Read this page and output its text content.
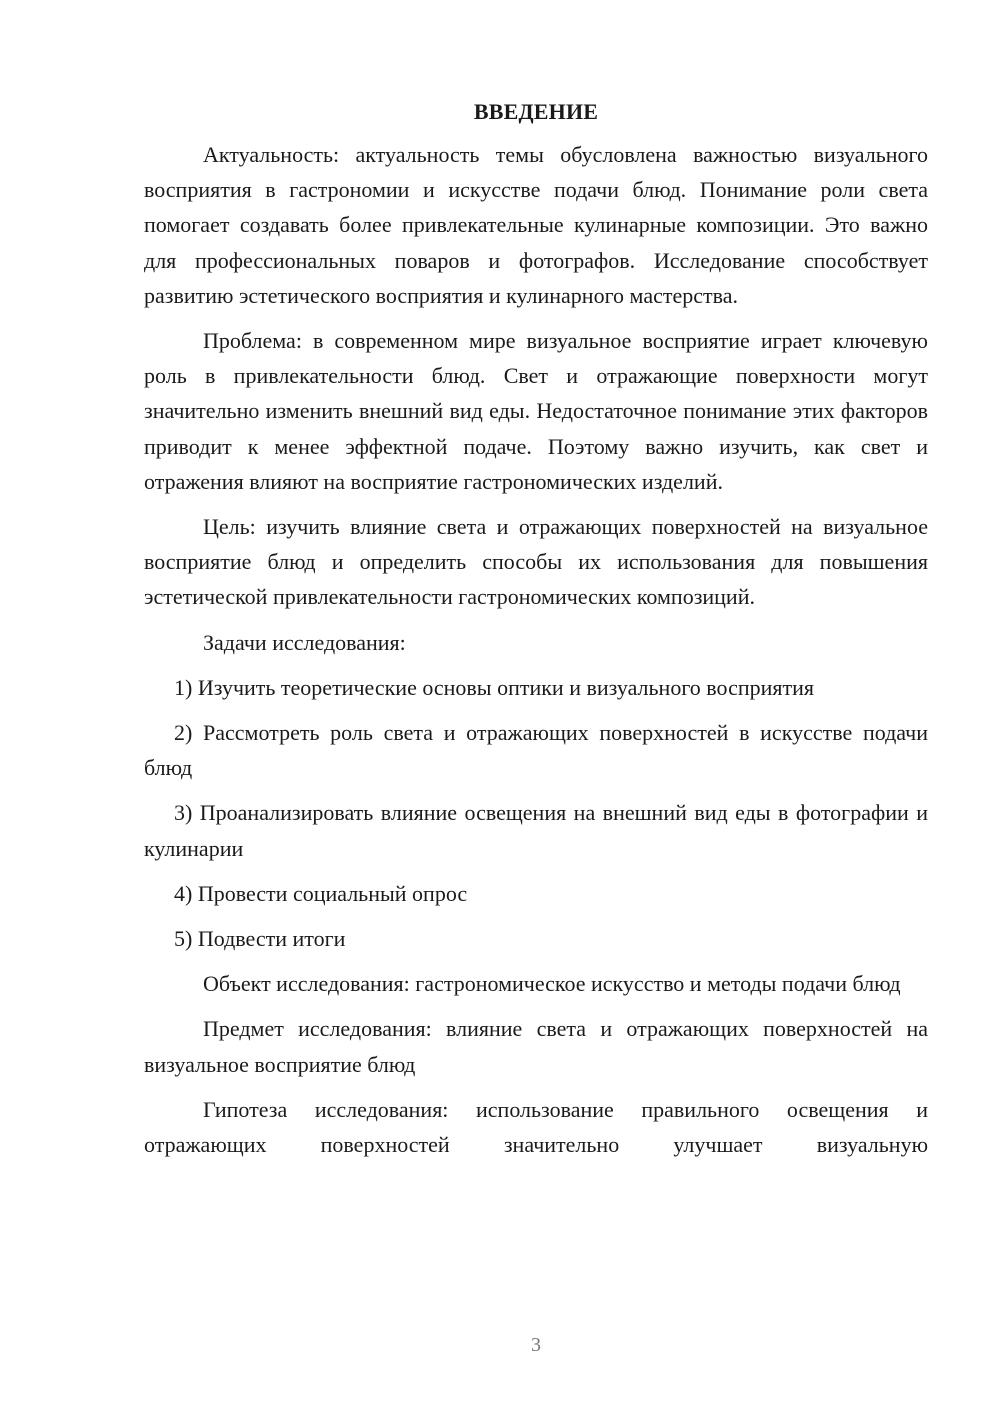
ВВЕДЕНИЕ

Актуальность: актуальность темы обусловлена важностью визуального восприятия в гастрономии и искусстве подачи блюд. Понимание роли света помогает создавать более привлекательные кулинарные композиции. Это важно для профессиональных поваров и фотографов. Исследование способствует развитию эстетического восприятия и кулинарного мастерства.

Проблема: в современном мире визуальное восприятие играет ключевую роль в привлекательности блюд. Свет и отражающие поверхности могут значительно изменить внешний вид еды. Недостаточное понимание этих факторов приводит к менее эффектной подаче. Поэтому важно изучить, как свет и отражения влияют на восприятие гастрономических изделий.

Цель: изучить влияние света и отражающих поверхностей на визуальное восприятие блюд и определить способы их использования для повышения эстетической привлекательности гастрономических композиций.

Задачи исследования:

1) Изучить теоретические основы оптики и визуального восприятия

2) Рассмотреть роль света и отражающих поверхностей в искусстве подачи блюд

3) Проанализировать влияние освещения на внешний вид еды в фотографии и кулинарии

4) Провести социальный опрос

5) Подвести итоги

Объект исследования: гастрономическое искусство и методы подачи блюд

Предмет исследования: влияние света и отражающих поверхностей на визуальное восприятие блюд

Гипотеза исследования: использование правильного освещения и отражающих поверхностей значительно улучшает визуальную

3
